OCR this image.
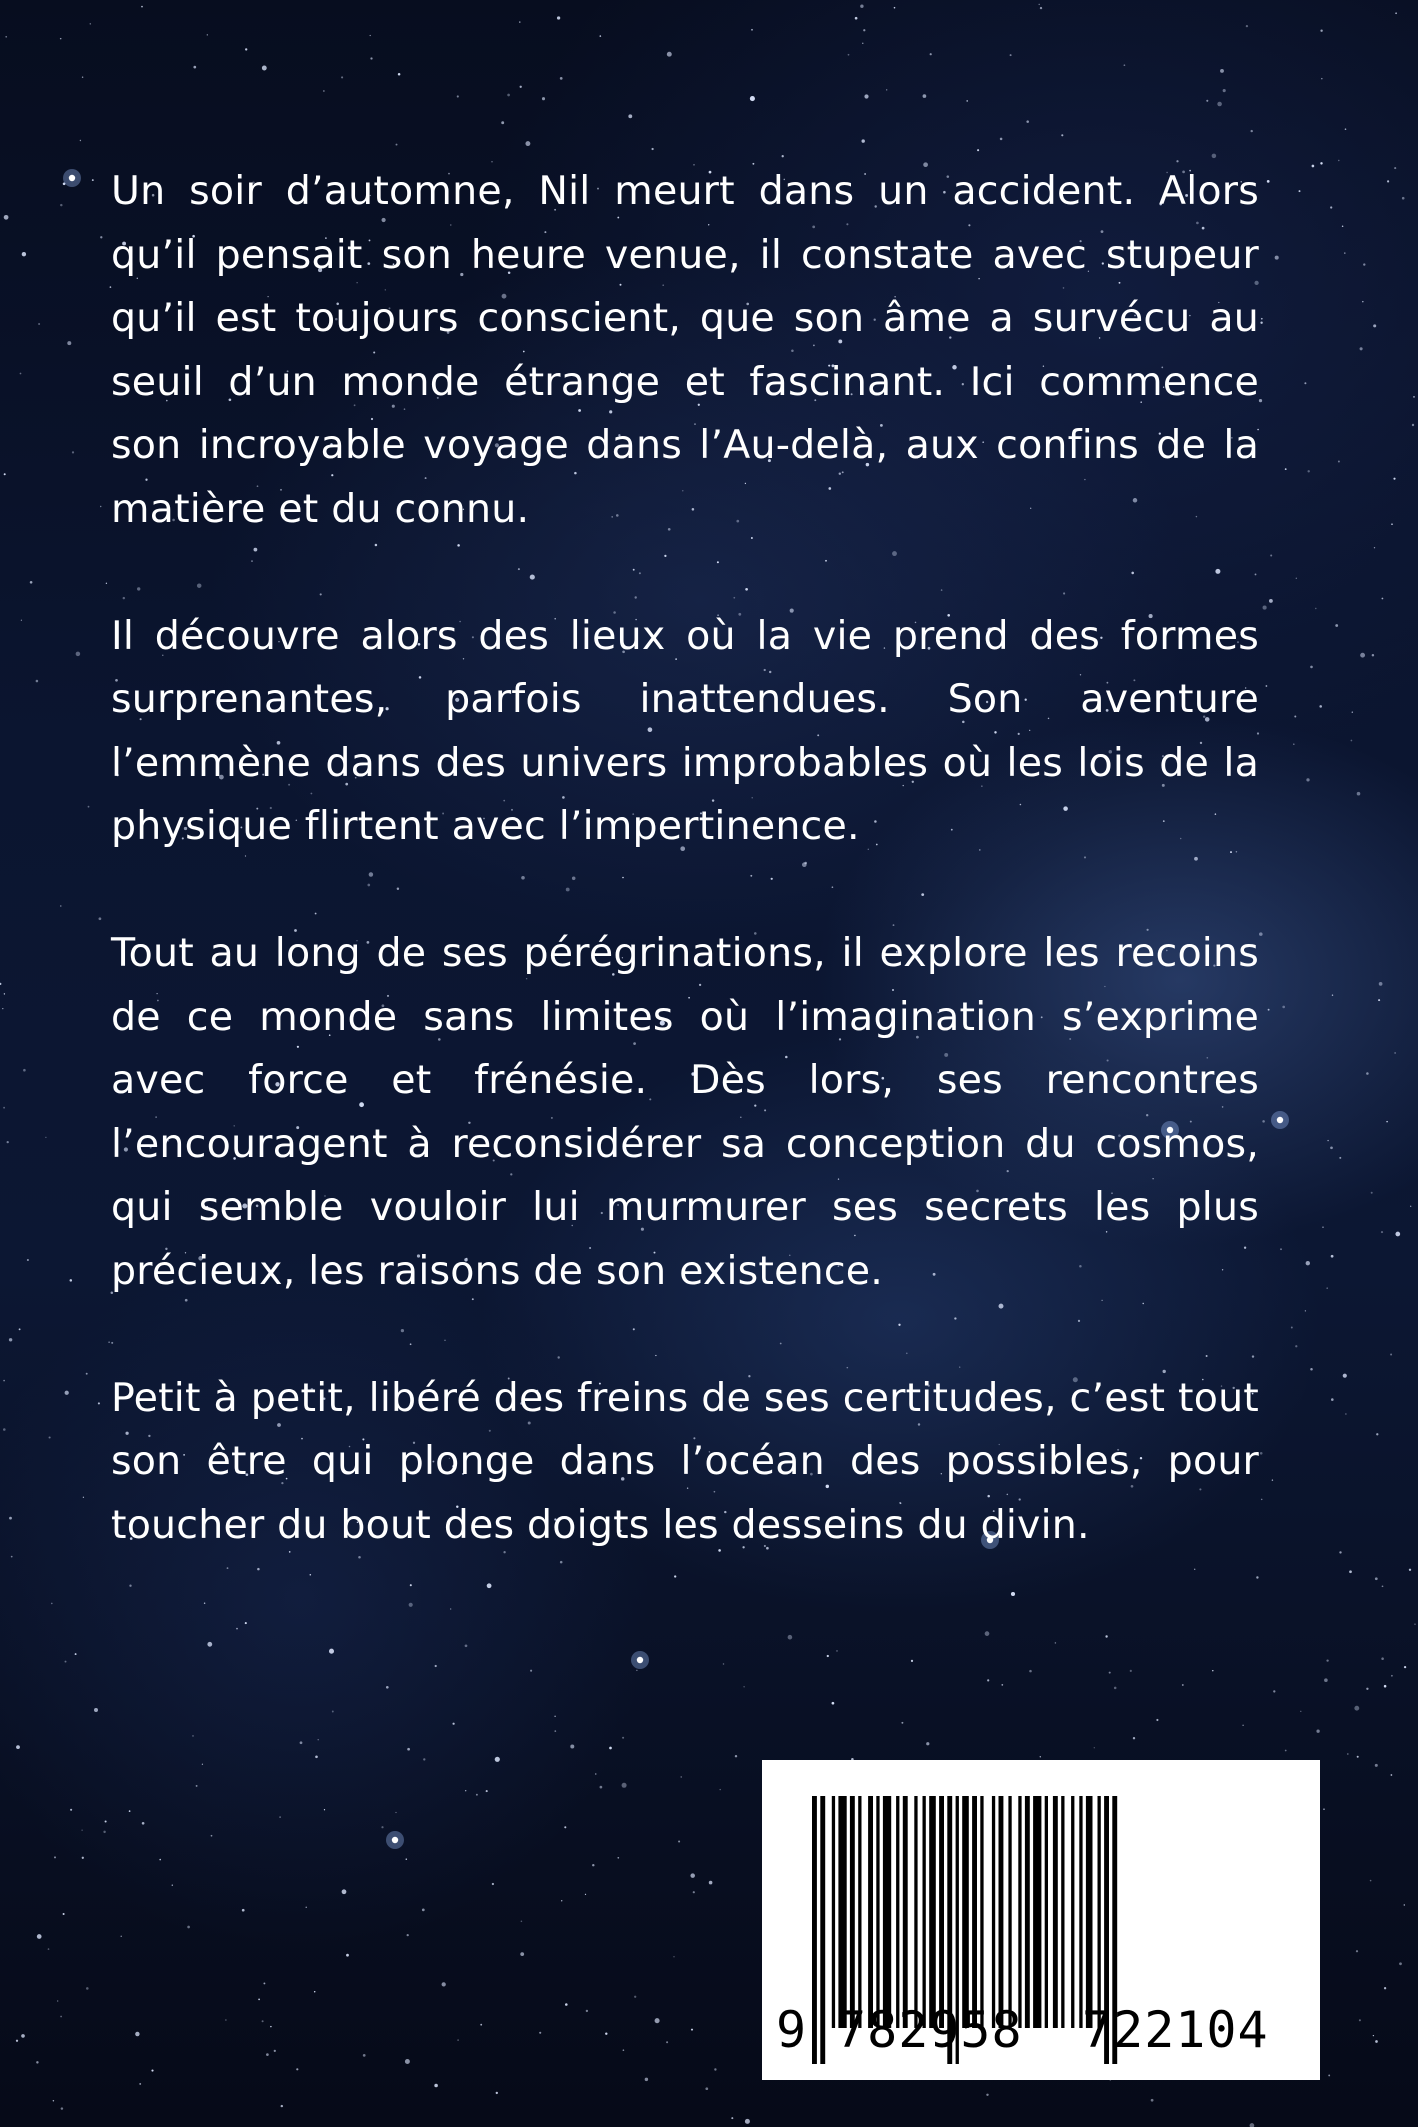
Un soir d’automne, Nil meurt dans un accident. Alors qu’il pensait son heure venue, il constate avec stupeur qu’il est toujours conscient, que son âme a survécu au seuil d’un monde étrange et fascinant. Ici commence son incroyable voyage dans l’Au-delà, aux confins de la matière et du connu.

Il découvre alors des lieux où la vie prend des formes surprenantes, parfois inattendues. Son aventure l’emmène dans des univers improbables où les lois de la physique flirtent avec l’impertinence.

Tout au long de ses pérégrinations, il explore les recoins de ce monde sans limites où l’imagination s’exprime avec force et frénésie. Dès lors, ses rencontres l’encouragent à reconsidérer sa conception du cosmos, qui semble vouloir lui murmurer ses secrets les plus précieux, les raisons de son existence.

Petit à petit, libéré des freins de ses certitudes, c’est tout son être qui plonge dans l’océan des possibles, pour toucher du bout des doigts les desseins du divin.

9 782958 722104
